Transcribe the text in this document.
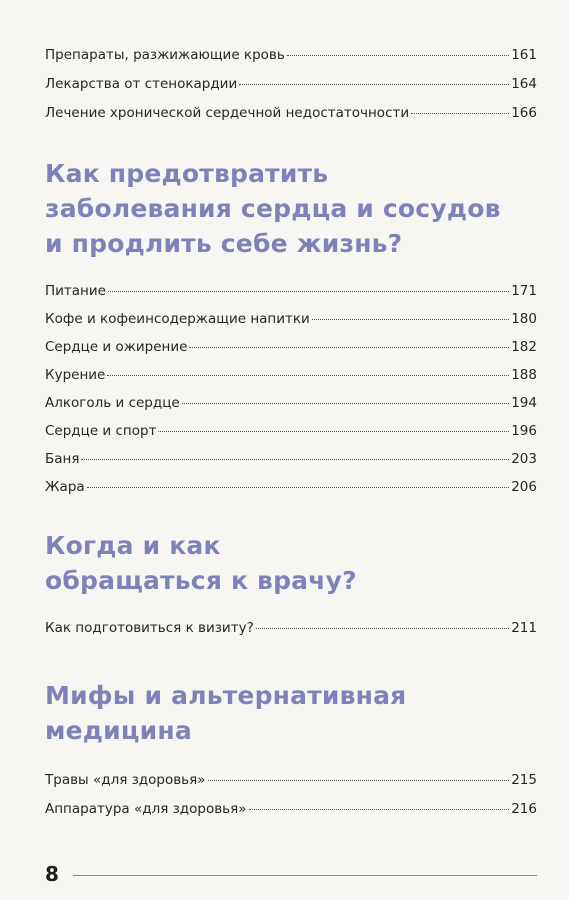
Препараты, разжижающие кровь	161
Лекарства от стенокардии	164
Лечение хронической сердечной недостаточности	166
Как предотвратить
заболевания сердца и сосудов
и продлить себе жизнь?
Питание	171
Кофе и кофеинсодержащие напитки	180
Сердце и ожирение	182
Курение	188
Алкоголь и сердце	194
Сердце и спорт	196
Баня	203
Жара	206
Когда и как
обращаться к врачу?
Как подготовиться к визиту?	211
Мифы и альтернативная
медицина
Травы «для здоровья»	215
Аппаратура «для здоровья»	216
8
